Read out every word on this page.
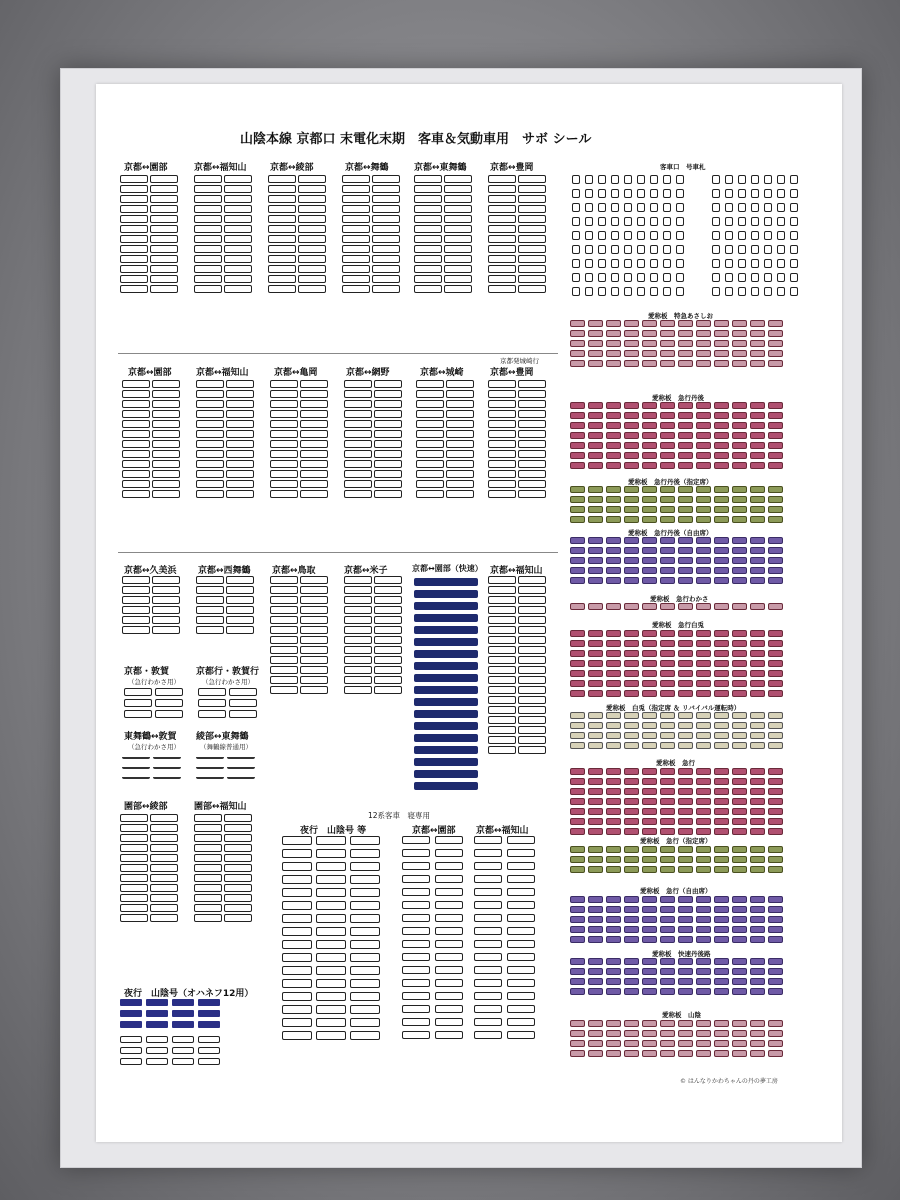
山陰本線 京都口 末電化末期　客車＆気動車用　サボ シール
京都↔園部	京都↔福知山	京都↔綾部	京都↔舞鶴	京都↔東舞鶴	京都↔豊岡
京都↔園部	京都↔福知山	京都↔亀岡	京都↔網野	京都↔城崎
京都発城崎行
京都↔豊岡
京都↔久美浜 京都↔西舞鶴 京都↔鳥取	京都↔米子	京都↔園部（快速） 京都↔福知山
京都・敦賀
（急行わかさ用）
京都行・敦賀行
（急行わかさ用）
東舞鶴↔敦賀
（急行わかさ用）
綾部↔東舞鶴
（舞鶴線普通用）
園部↔綾部	園部↔福知山
12系客車　寝専用
夜行　山陰号 等	京都↔園部 京都↔福知山
夜行　山陰号（オハネフ12用）
客車口　号車札
愛称板　特急あさしお
愛称板　急行丹後
愛称板　急行丹後（指定席）
愛称板　急行丹後（自由席）
愛称板　急行わかさ
愛称板　急行白兎
愛称板　白兎（指定席 ＆ リバイバル運転時）
愛称板　急行
愛称板　急行（指定席）
愛称板　急行（自由席）
愛称板　快速丹後路
愛称板　山陰
© はんなりかわちゃんの丹の夢工房
